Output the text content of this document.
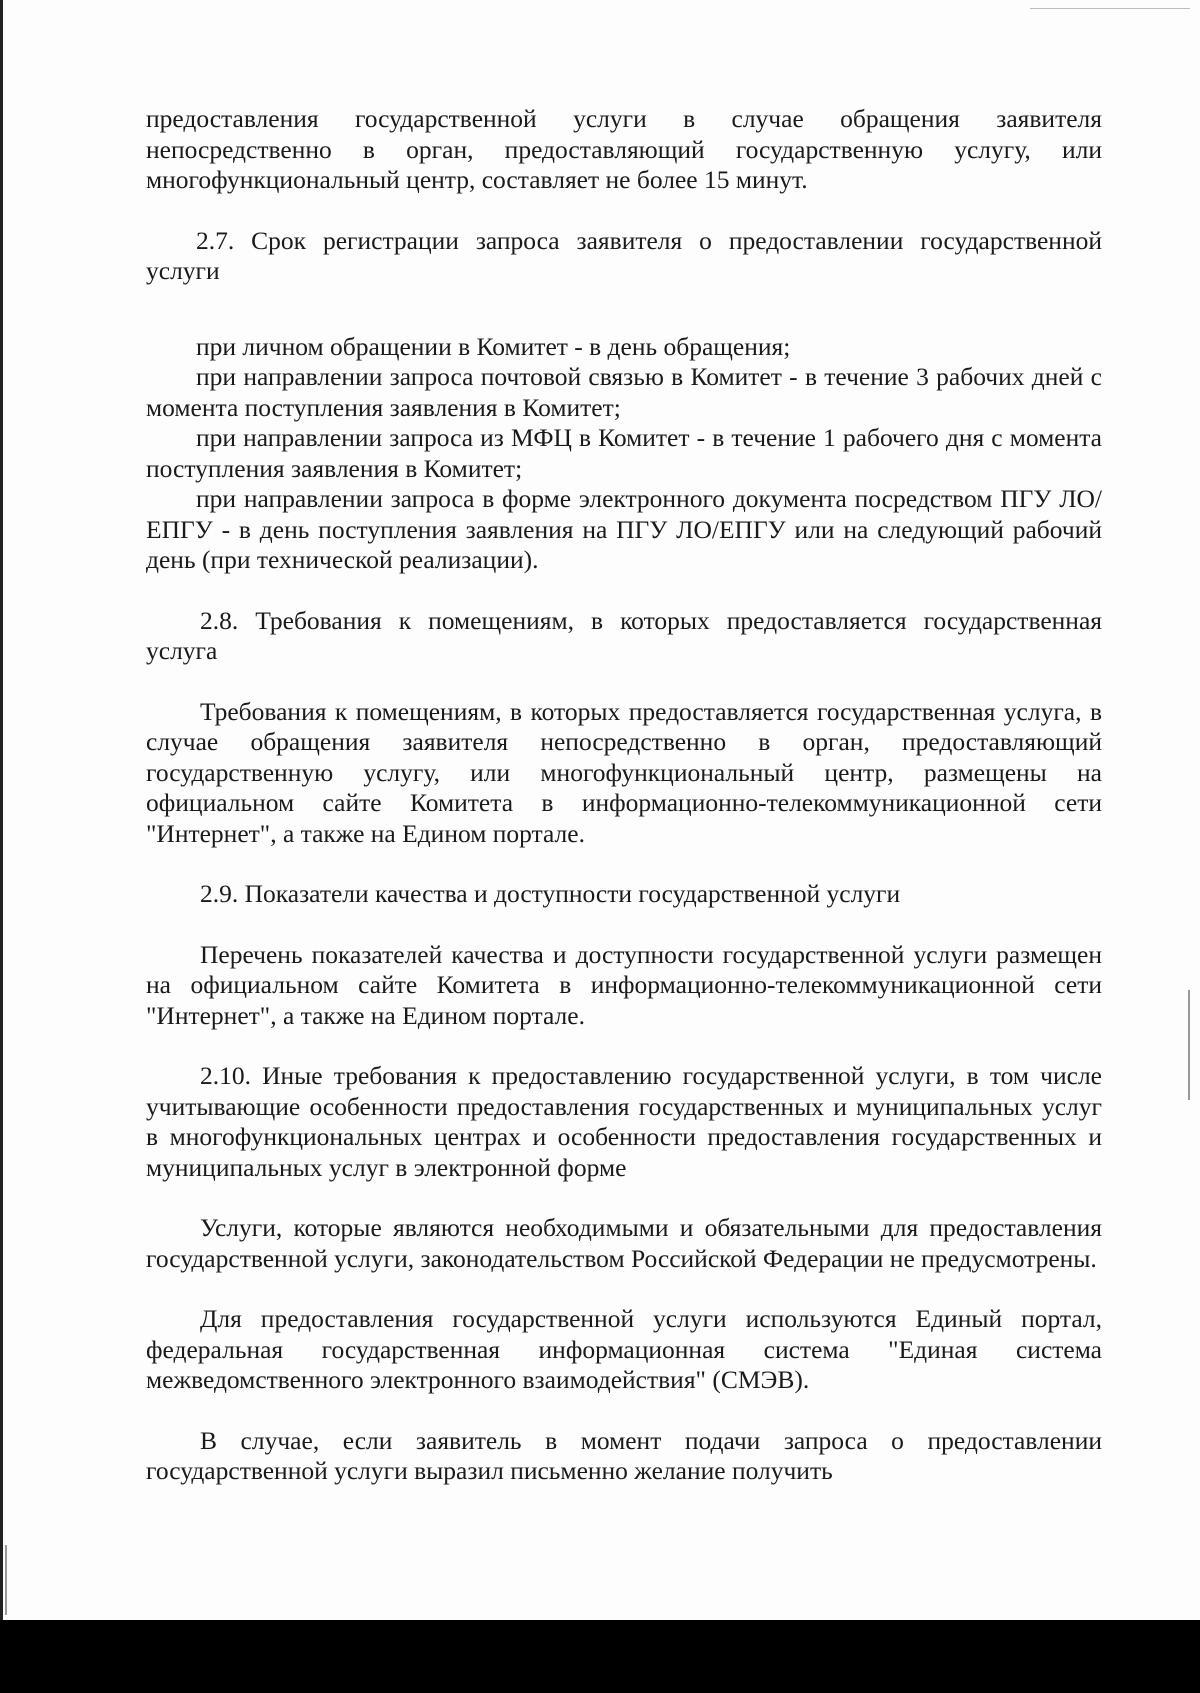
предоставления государственной услуги в случае обращения заявителя непосредственно в орган, предоставляющий государственную услугу, или многофункциональный центр, составляет не более 15 минут.

2.7. Срок регистрации запроса заявителя о предоставлении государственной услуги

при личном обращении в Комитет - в день обращения;

при направлении запроса почтовой связью в Комитет - в течение 3 рабочих дней с момента поступления заявления в Комитет;

при направлении запроса из МФЦ в Комитет - в течение 1 рабочего дня с момента поступления заявления в Комитет;

при направлении запроса в форме электронного документа посредством ПГУ ЛО/ЕПГУ - в день поступления заявления на ПГУ ЛО/ЕПГУ или на следующий рабочий день (при технической реализации).

2.8. Требования к помещениям, в которых предоставляется государственная услуга

Требования к помещениям, в которых предоставляется государственная услуга, в случае обращения заявителя непосредственно в орган, предоставляющий государственную услугу, или многофункциональный центр, размещены на официальном сайте Комитета в информационно-телекоммуникационной сети "Интернет", а также на Едином портале.

2.9. Показатели качества и доступности государственной услуги

Перечень показателей качества и доступности государственной услуги размещен на официальном сайте Комитета в информационно-телекоммуникационной сети "Интернет", а также на Едином портале.

2.10. Иные требования к предоставлению государственной услуги, в том числе учитывающие особенности предоставления государственных и муниципальных услуг в многофункциональных центрах и особенности предоставления государственных и муниципальных услуг в электронной форме

Услуги, которые являются необходимыми и обязательными для предоставления государственной услуги, законодательством Российской Федерации не предусмотрены.

Для предоставления государственной услуги используются Единый портал, федеральная государственная информационная система "Единая система межведомственного электронного взаимодействия" (СМЭВ).

В случае, если заявитель в момент подачи запроса о предоставлении государственной услуги выразил письменно желание получить
